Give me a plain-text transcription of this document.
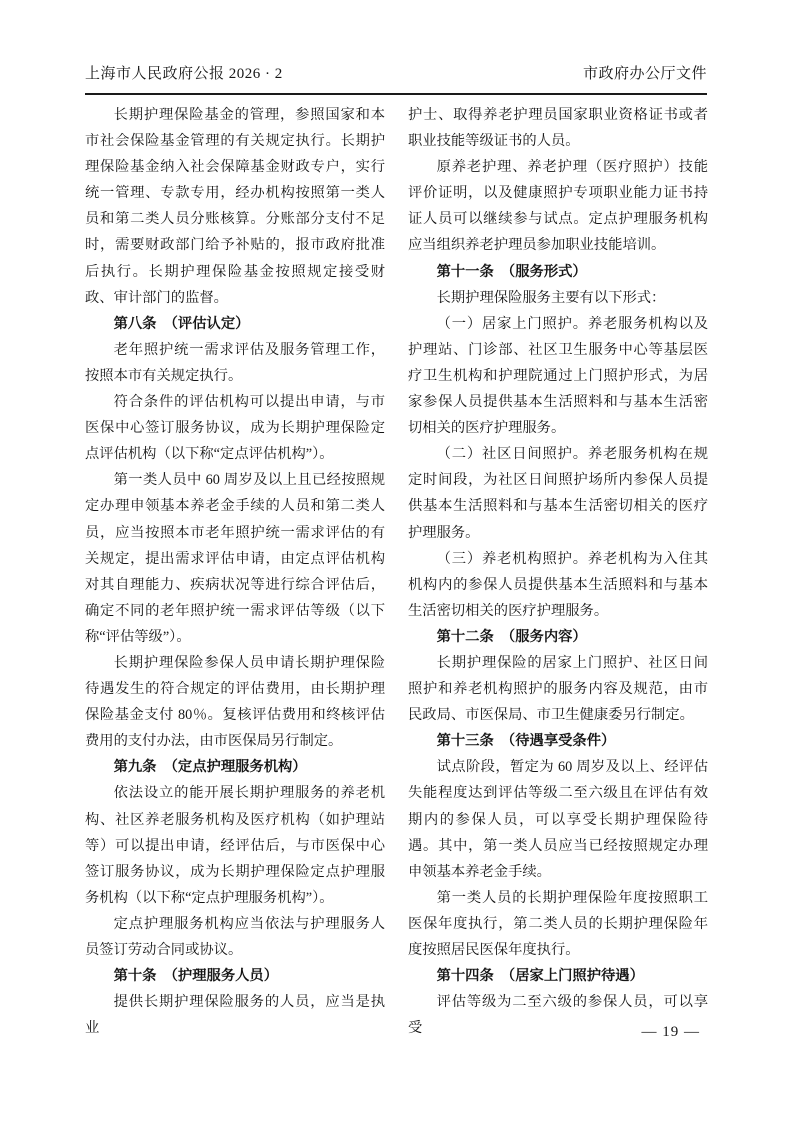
上海市人民政府公报 2026 · 2	市政府办公厅文件

长期护理保险基金的管理，参照国家和本市社会保险基金管理的有关规定执行。长期护理保险基金纳入社会保障基金财政专户，实行统一管理、专款专用，经办机构按照第一类人员和第二类人员分账核算。分账部分支付不足时，需要财政部门给予补贴的，报市政府批准后执行。长期护理保险基金按照规定接受财政、审计部门的监督。

第八条　（评估认定）

老年照护统一需求评估及服务管理工作，按照本市有关规定执行。

符合条件的评估机构可以提出申请，与市医保中心签订服务协议，成为长期护理保险定点评估机构（以下称“定点评估机构”）。

第一类人员中 60 周岁及以上且已经按照规定办理申领基本养老金手续的人员和第二类人员，应当按照本市老年照护统一需求评估的有关规定，提出需求评估申请，由定点评估机构对其自理能力、疾病状况等进行综合评估后，确定不同的老年照护统一需求评估等级（以下称“评估等级”）。

长期护理保险参保人员申请长期护理保险待遇发生的符合规定的评估费用，由长期护理保险基金支付 80％。复核评估费用和终核评估费用的支付办法，由市医保局另行制定。

第九条　（定点护理服务机构）

依法设立的能开展长期护理服务的养老机构、社区养老服务机构及医疗机构（如护理站等）可以提出申请，经评估后，与市医保中心签订服务协议，成为长期护理保险定点护理服务机构（以下称“定点护理服务机构”）。

定点护理服务机构应当依法与护理服务人员签订劳动合同或协议。

第十条　（护理服务人员）

提供长期护理保险服务的人员，应当是执业

护士、取得养老护理员国家职业资格证书或者职业技能等级证书的人员。

原养老护理、养老护理（医疗照护）技能评价证明，以及健康照护专项职业能力证书持证人员可以继续参与试点。定点护理服务机构应当组织养老护理员参加职业技能培训。

第十一条　（服务形式）

长期护理保险服务主要有以下形式：

（一）居家上门照护。养老服务机构以及护理站、门诊部、社区卫生服务中心等基层医疗卫生机构和护理院通过上门照护形式，为居家参保人员提供基本生活照料和与基本生活密切相关的医疗护理服务。

（二）社区日间照护。养老服务机构在规定时间段，为社区日间照护场所内参保人员提供基本生活照料和与基本生活密切相关的医疗护理服务。

（三）养老机构照护。养老机构为入住其机构内的参保人员提供基本生活照料和与基本生活密切相关的医疗护理服务。

第十二条　（服务内容）

长期护理保险的居家上门照护、社区日间照护和养老机构照护的服务内容及规范，由市民政局、市医保局、市卫生健康委另行制定。

第十三条　（待遇享受条件）

试点阶段，暂定为 60 周岁及以上、经评估失能程度达到评估等级二至六级且在评估有效期内的参保人员，可以享受长期护理保险待遇。其中，第一类人员应当已经按照规定办理申领基本养老金手续。

第一类人员的长期护理保险年度按照职工医保年度执行，第二类人员的长期护理保险年度按照居民医保年度执行。

第十四条　（居家上门照护待遇）

评估等级为二至六级的参保人员，可以享受	— 19 —
